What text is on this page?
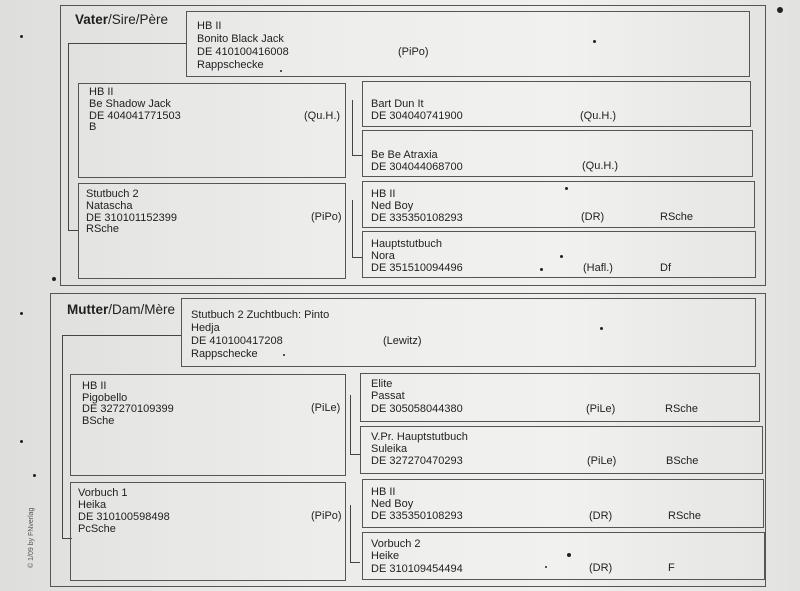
Vater/Sire/Père	HB II
Bonito Black Jack
DE 410100416008	(PiPo)
Rappschecke
HB II
Be Shadow Jack
DE 404041771503	(Qu.H.)
B
Stutbuch 2
Natascha
DE 310101152399	(PiPo)
RSche
Bart Dun It
DE 304040741900	(Qu.H.)
Be Be Atraxia
DE 304044068700	(Qu.H.)
HB II
Ned Boy
DE 335350108293	(DR)	RSche
Hauptstutbuch
Nora
DE 351510094496	(Hafl.)	Df
Mutter/Dam/Mère Stutbuch 2 Zuchtbuch: Pinto
Hedja
DE 410100417208	(Lewitz)
Rappschecke
HB II
Pigobello
DE 327270109399	(PiLe)
BSche
Vorbuch 1
Heika
DE 310100598498	(PiPo)
PcSche
Elite
Passat
DE 305058044380	(PiLe)	RSche
V.Pr. Hauptstutbuch
Suleika
DE 327270470293	(PiLe)	BSche
HB II
Ned Boy
DE 335350108293	(DR)	RSche
Vorbuch 2
Heike
DE 310109454494	(DR)	F
© 1/09 by FNverlag
